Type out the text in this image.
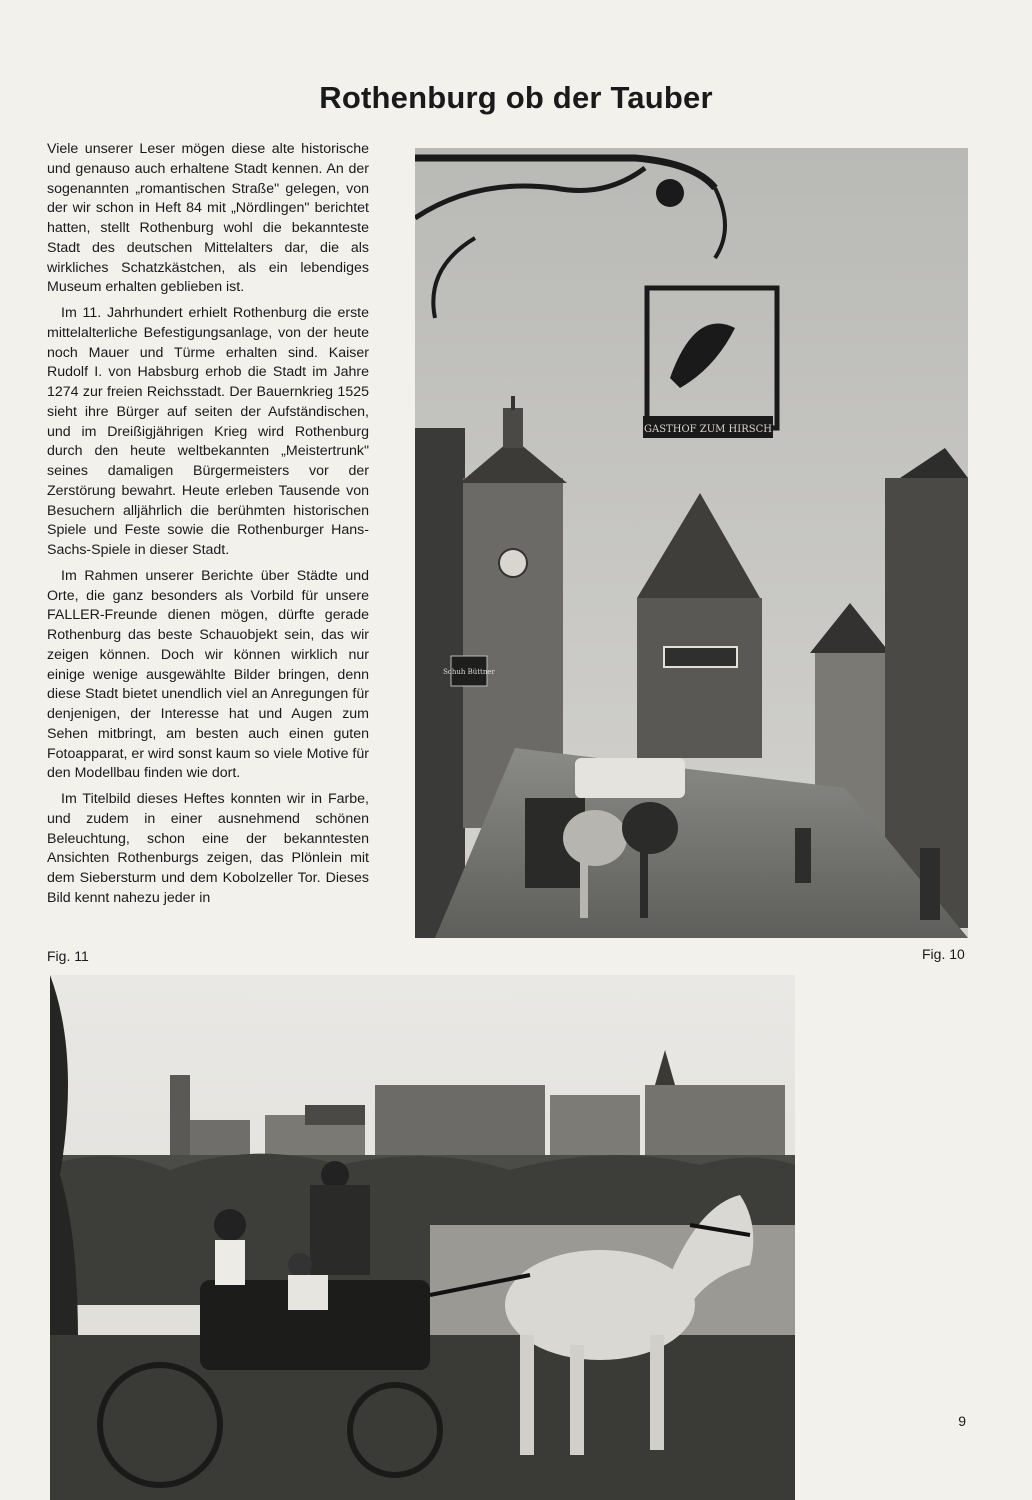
Rothenburg ob der Tauber

Viele unserer Leser mögen diese alte historische und genauso auch erhaltene Stadt kennen. An der sogenannten „romantischen Straße" gelegen, von der wir schon in Heft 84 mit „Nördlingen" berichtet hatten, stellt Rothenburg wohl die bekannteste Stadt des deutschen Mittelalters dar, die als wirkliches Schatzkästchen, als ein lebendiges Museum erhalten geblieben ist.

Im 11. Jahrhundert erhielt Rothenburg die erste mittelalterliche Befestigungsanlage, von der heute noch Mauer und Türme erhalten sind. Kaiser Rudolf I. von Habsburg erhob die Stadt im Jahre 1274 zur freien Reichsstadt. Der Bauernkrieg 1525 sieht ihre Bürger auf seiten der Aufständischen, und im Dreißigjährigen Krieg wird Rothenburg durch den heute weltbekannten „Meistertrunk" seines damaligen Bürgermeisters vor der Zerstörung bewahrt. Heute erleben Tausende von Besuchern alljährlich die berühmten historischen Spiele und Feste sowie die Rothenburger Hans-Sachs-Spiele in dieser Stadt.

Im Rahmen unserer Berichte über Städte und Orte, die ganz besonders als Vorbild für unsere FALLER-Freunde dienen mögen, dürfte gerade Rothenburg das beste Schauobjekt sein, das wir zeigen können. Doch wir können wirklich nur einige wenige ausgewählte Bilder bringen, denn diese Stadt bietet unendlich viel an Anregungen für denjenigen, der Interesse hat und Augen zum Sehen mitbringt, am besten auch einen guten Fotoapparat, er wird sonst kaum so viele Motive für den Modellbau finden wie dort.

Im Titelbild dieses Heftes konnten wir in Farbe, und zudem in einer ausnehmend schönen Beleuchtung, schon eine der bekanntesten Ansichten Rothenburgs zeigen, das Plönlein mit dem Siebersturm und dem Kobolzeller Tor. Dieses Bild kennt nahezu jeder in

GASTHOF ZUM HIRSCH
Schuh Büttner
Fig. 11	Fig. 10
9
